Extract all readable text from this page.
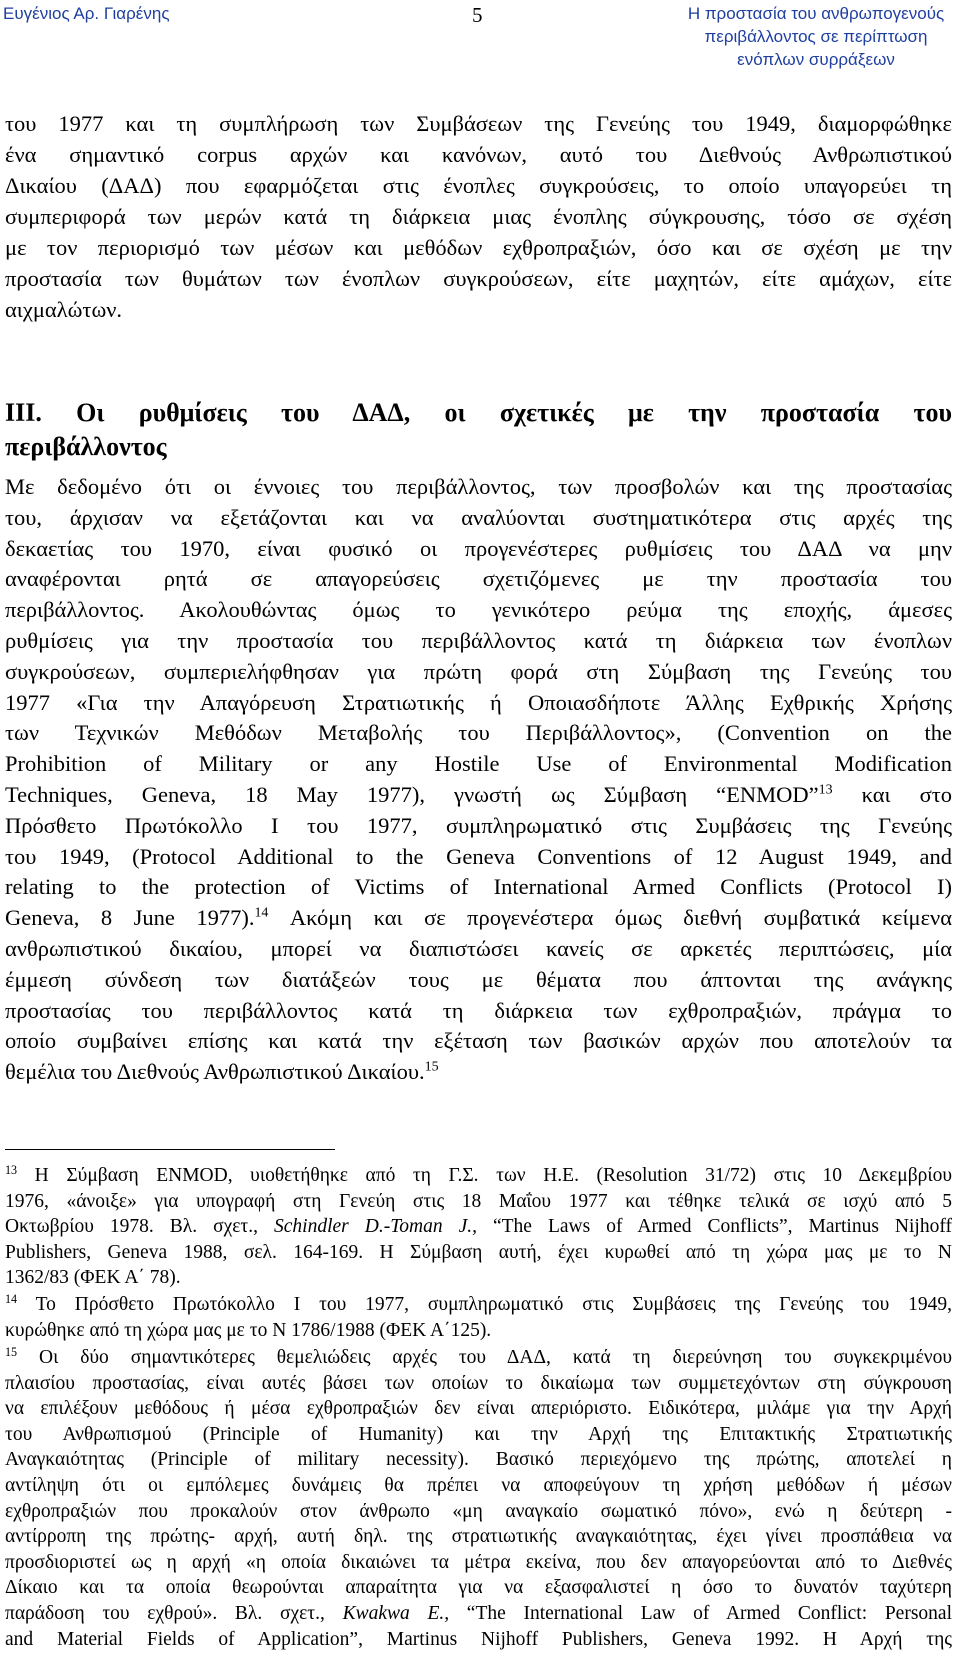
Ευγένιος Αρ. Γιαρένης	5	Η προστασία του ανθρωπογενούς
περιβάλλοντος σε περίπτωση
ενόπλων συρράξεων
του 1977 και τη συμπλήρωση των Συμβάσεων της Γενεύης του 1949, διαμορφώθηκε
ένα σημαντικό corpus αρχών και κανόνων, αυτό του Διεθνούς Ανθρωπιστικού
Δικαίου (ΔΑΔ) που εφαρμόζεται στις ένοπλες συγκρούσεις, το οποίο υπαγορεύει τη
συμπεριφορά των μερών κατά τη διάρκεια μιας ένοπλης σύγκρουσης, τόσο σε σχέση
με τον περιορισμό των μέσων και μεθόδων εχθροπραξιών, όσο και σε σχέση με την
προστασία των θυμάτων των ένοπλων συγκρούσεων, είτε μαχητών, είτε αμάχων, είτε
αιχμαλώτων.
ΙΙΙ. Οι ρυθμίσεις του ΔΑΔ, οι σχετικές με την προστασία του
περιβάλλοντος
Με δεδομένο ότι οι έννοιες του περιβάλλοντος, των προσβολών και της προστασίας
του, άρχισαν να εξετάζονται και να αναλύονται συστηματικότερα στις αρχές της
δεκαετίας του 1970, είναι φυσικό οι προγενέστερες ρυθμίσεις του ΔΑΔ να μην
αναφέρονται ρητά σε απαγορεύσεις σχετιζόμενες με την προστασία του
περιβάλλοντος. Ακολουθώντας όμως το γενικότερο ρεύμα της εποχής, άμεσες
ρυθμίσεις για την προστασία του περιβάλλοντος κατά τη διάρκεια των ένοπλων
συγκρούσεων, συμπεριελήφθησαν για πρώτη φορά στη Σύμβαση της Γενεύης του
1977 «Για την Απαγόρευση Στρατιωτικής ή Οποιασδήποτε Άλλης Εχθρικής Χρήσης
των Τεχνικών Μεθόδων Μεταβολής του Περιβάλλοντος», (Convention on the
Prohibition of Military or any Hostile Use of Environmental Modification
Techniques, Geneva, 18 May 1977), γνωστή ως Σύμβαση “ENMOD”$^{13}$ και στο
Πρόσθετο Πρωτόκολλο Ι του 1977, συμπληρωματικό στις Συμβάσεις της Γενεύης
του 1949, (Protocol Additional to the Geneva Conventions of 12 August 1949, and
relating to the protection of Victims of International Armed Conflicts (Protocol I)
Geneva, 8 June 1977).$^{14}$ Ακόμη και σε προγενέστερα όμως διεθνή συμβατικά κείμενα
ανθρωπιστικού δικαίου, μπορεί να διαπιστώσει κανείς σε αρκετές περιπτώσεις, μία
έμμεση σύνδεση των διατάξεών τους με θέματα που άπτονται της ανάγκης
προστασίας του περιβάλλοντος κατά τη διάρκεια των εχθροπραξιών, πράγμα το
οποίο συμβαίνει επίσης και κατά την εξέταση των βασικών αρχών που αποτελούν τα
θεμέλια του Διεθνούς Ανθρωπιστικού Δικαίου.$^{15}$
$^{13}$ Η Σύμβαση ENMOD, υιοθετήθηκε από τη Γ.Σ. των Η.Ε. (Resolution 31/72) στις 10 Δεκεμβρίου
1976, «άνοιξε» για υπογραφή στη Γενεύη στις 18 Μαΐου 1977 και τέθηκε τελικά σε ισχύ από 5
Οκτωβρίου 1978. Βλ. σχετ., Schindler D.-Toman J., “The Laws of Armed Conflicts”, Martinus Nijhoff
Publishers, Geneva 1988, σελ. 164-169. Η Σύμβαση αυτή, έχει κυρωθεί από τη χώρα μας με το Ν
1362/83 (ΦΕΚ Α΄ 78).
$^{14}$ Το Πρόσθετο Πρωτόκολλο Ι του 1977, συμπληρωματικό στις Συμβάσεις της Γενεύης του 1949,
κυρώθηκε από τη χώρα μας με το Ν 1786/1988 (ΦΕΚ Α΄125).
$^{15}$ Οι δύο σημαντικότερες θεμελιώδεις αρχές του ΔΑΔ, κατά τη διερεύνηση του συγκεκριμένου
πλαισίου προστασίας, είναι αυτές βάσει των οποίων το δικαίωμα των συμμετεχόντων στη σύγκρουση
να επιλέξουν μεθόδους ή μέσα εχθροπραξιών δεν είναι απεριόριστο. Ειδικότερα, μιλάμε για την Αρχή
του Ανθρωπισμού (Principle of Humanity) και την Αρχή της Επιτακτικής Στρατιωτικής
Αναγκαιότητας (Principle of military necessity). Βασικό περιεχόμενο της πρώτης, αποτελεί η
αντίληψη ότι οι εμπόλεμες δυνάμεις θα πρέπει να αποφεύγουν τη χρήση μεθόδων ή μέσων
εχθροπραξιών που προκαλούν στον άνθρωπο «μη αναγκαίο σωματικό πόνο», ενώ η δεύτερη -
αντίρροπη της πρώτης- αρχή, αυτή δηλ. της στρατιωτικής αναγκαιότητας, έχει γίνει προσπάθεια να
προσδιοριστεί ως η αρχή «η οποία δικαιώνει τα μέτρα εκείνα, που δεν απαγορεύονται από το Διεθνές
Δίκαιο και τα οποία θεωρούνται απαραίτητα για να εξασφαλιστεί η όσο το δυνατόν ταχύτερη
παράδοση του εχθρού». Βλ. σχετ., Kwakwa E., “The International Law of Armed Conflict: Personal
and Material Fields of Application”, Martinus Nijhoff Publishers, Geneva 1992. Η Αρχή της
